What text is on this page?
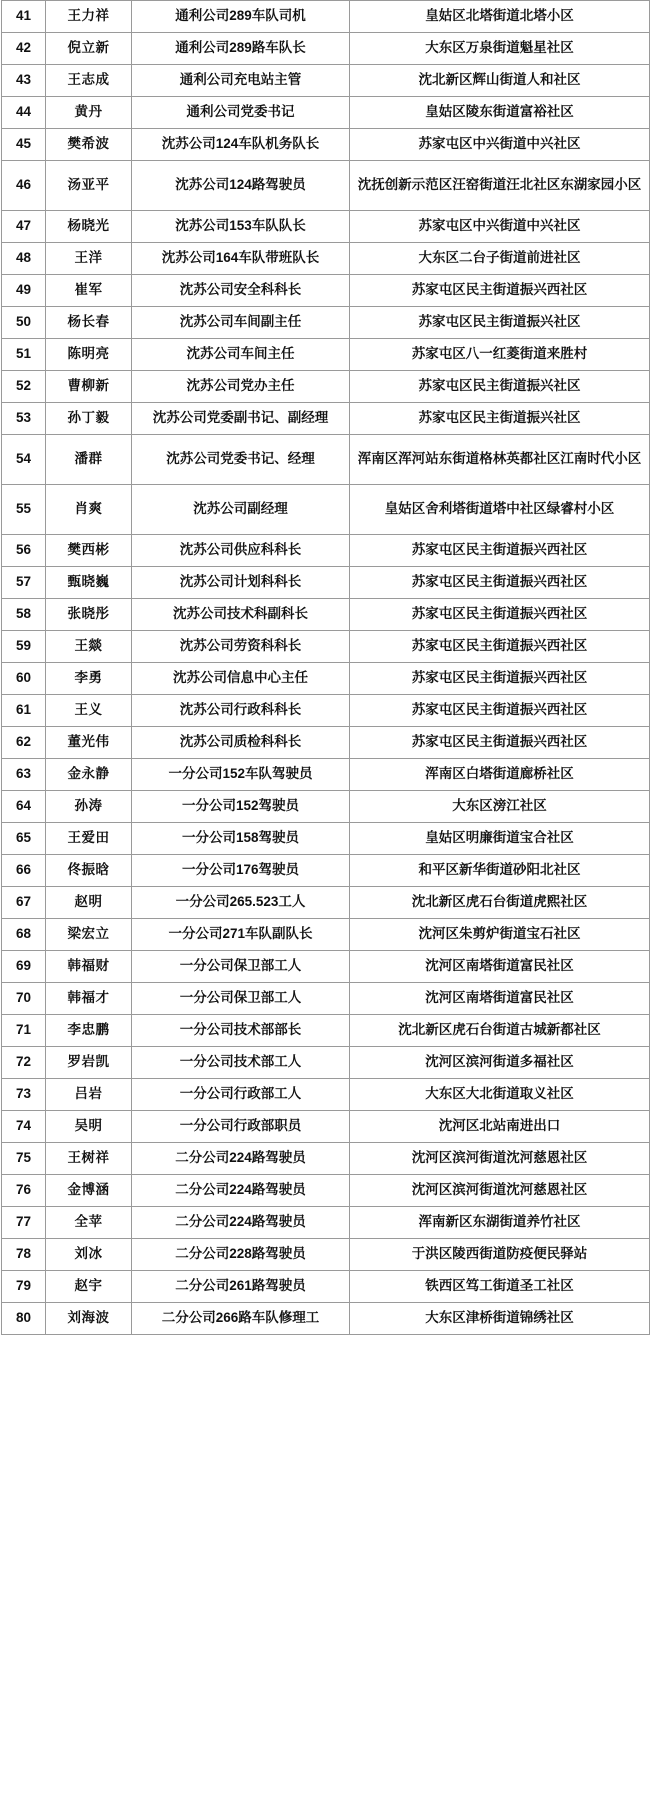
41	王力祥	通利公司289车队司机	皇姑区北塔街道北塔小区
42	倪立新	通利公司289路车队长	大东区万泉街道魁星社区
43	王志成	通利公司充电站主管	沈北新区辉山街道人和社区
44	黄丹	通利公司党委书记	皇姑区陵东街道富裕社区
45	樊希波	沈苏公司124车队机务队长	苏家屯区中兴街道中兴社区
46	汤亚平	沈苏公司124路驾驶员	沈抚创新示范区汪窑街道汪北社区东湖家园小区
47	杨晓光	沈苏公司153车队队长	苏家屯区中兴街道中兴社区
48	王洋	沈苏公司164车队带班队长	大东区二台子街道前进社区
49	崔军	沈苏公司安全科科长	苏家屯区民主街道振兴西社区
50	杨长春	沈苏公司车间副主任	苏家屯区民主街道振兴社区
51	陈明亮	沈苏公司车间主任	苏家屯区八一红菱街道来胜村
52	曹柳新	沈苏公司党办主任	苏家屯区民主街道振兴社区
53	孙丁毅	沈苏公司党委副书记、副经理	苏家屯区民主街道振兴社区
54	潘群	沈苏公司党委书记、经理	浑南区浑河站东街道格林英都社区江南时代小区
55	肖爽	沈苏公司副经理	皇姑区舍利塔街道塔中社区绿睿村小区
56	樊西彬	沈苏公司供应科科长	苏家屯区民主街道振兴西社区
57	甄晓巍	沈苏公司计划科科长	苏家屯区民主街道振兴西社区
58	张晓彤	沈苏公司技术科副科长	苏家屯区民主街道振兴西社区
59	王燚	沈苏公司劳资科科长	苏家屯区民主街道振兴西社区
60	李勇	沈苏公司信息中心主任	苏家屯区民主街道振兴西社区
61	王义	沈苏公司行政科科长	苏家屯区民主街道振兴西社区
62	董光伟	沈苏公司质检科科长	苏家屯区民主街道振兴西社区
63	金永静	一分公司152车队驾驶员	浑南区白塔街道廊桥社区
64	孙涛	一分公司152驾驶员	大东区滂江社区
65	王爱田	一分公司158驾驶员	皇姑区明廉街道宝合社区
66	佟振晗	一分公司176驾驶员	和平区新华街道砂阳北社区
67	赵明	一分公司265.523工人	沈北新区虎石台街道虎熙社区
68	梁宏立	一分公司271车队副队长	沈河区朱剪炉街道宝石社区
69	韩福财	一分公司保卫部工人	沈河区南塔街道富民社区
70	韩福才	一分公司保卫部工人	沈河区南塔街道富民社区
71	李忠鹏	一分公司技术部部长	沈北新区虎石台街道古城新都社区
72	罗岩凯	一分公司技术部工人	沈河区滨河街道多福社区
73	吕岩	一分公司行政部工人	大东区大北街道取义社区
74	吴明	一分公司行政部职员	沈河区北站南进出口
75	王树祥	二分公司224路驾驶员	沈河区滨河街道沈河慈恩社区
76	金博涵	二分公司224路驾驶员	沈河区滨河街道沈河慈恩社区
77	全苹	二分公司224路驾驶员	浑南新区东湖街道养竹社区
78	刘冰	二分公司228路驾驶员	于洪区陵西街道防疫便民驿站
79	赵宇	二分公司261路驾驶员	铁西区笃工街道圣工社区
80	刘海波	二分公司266路车队修理工	大东区津桥街道锦绣社区
